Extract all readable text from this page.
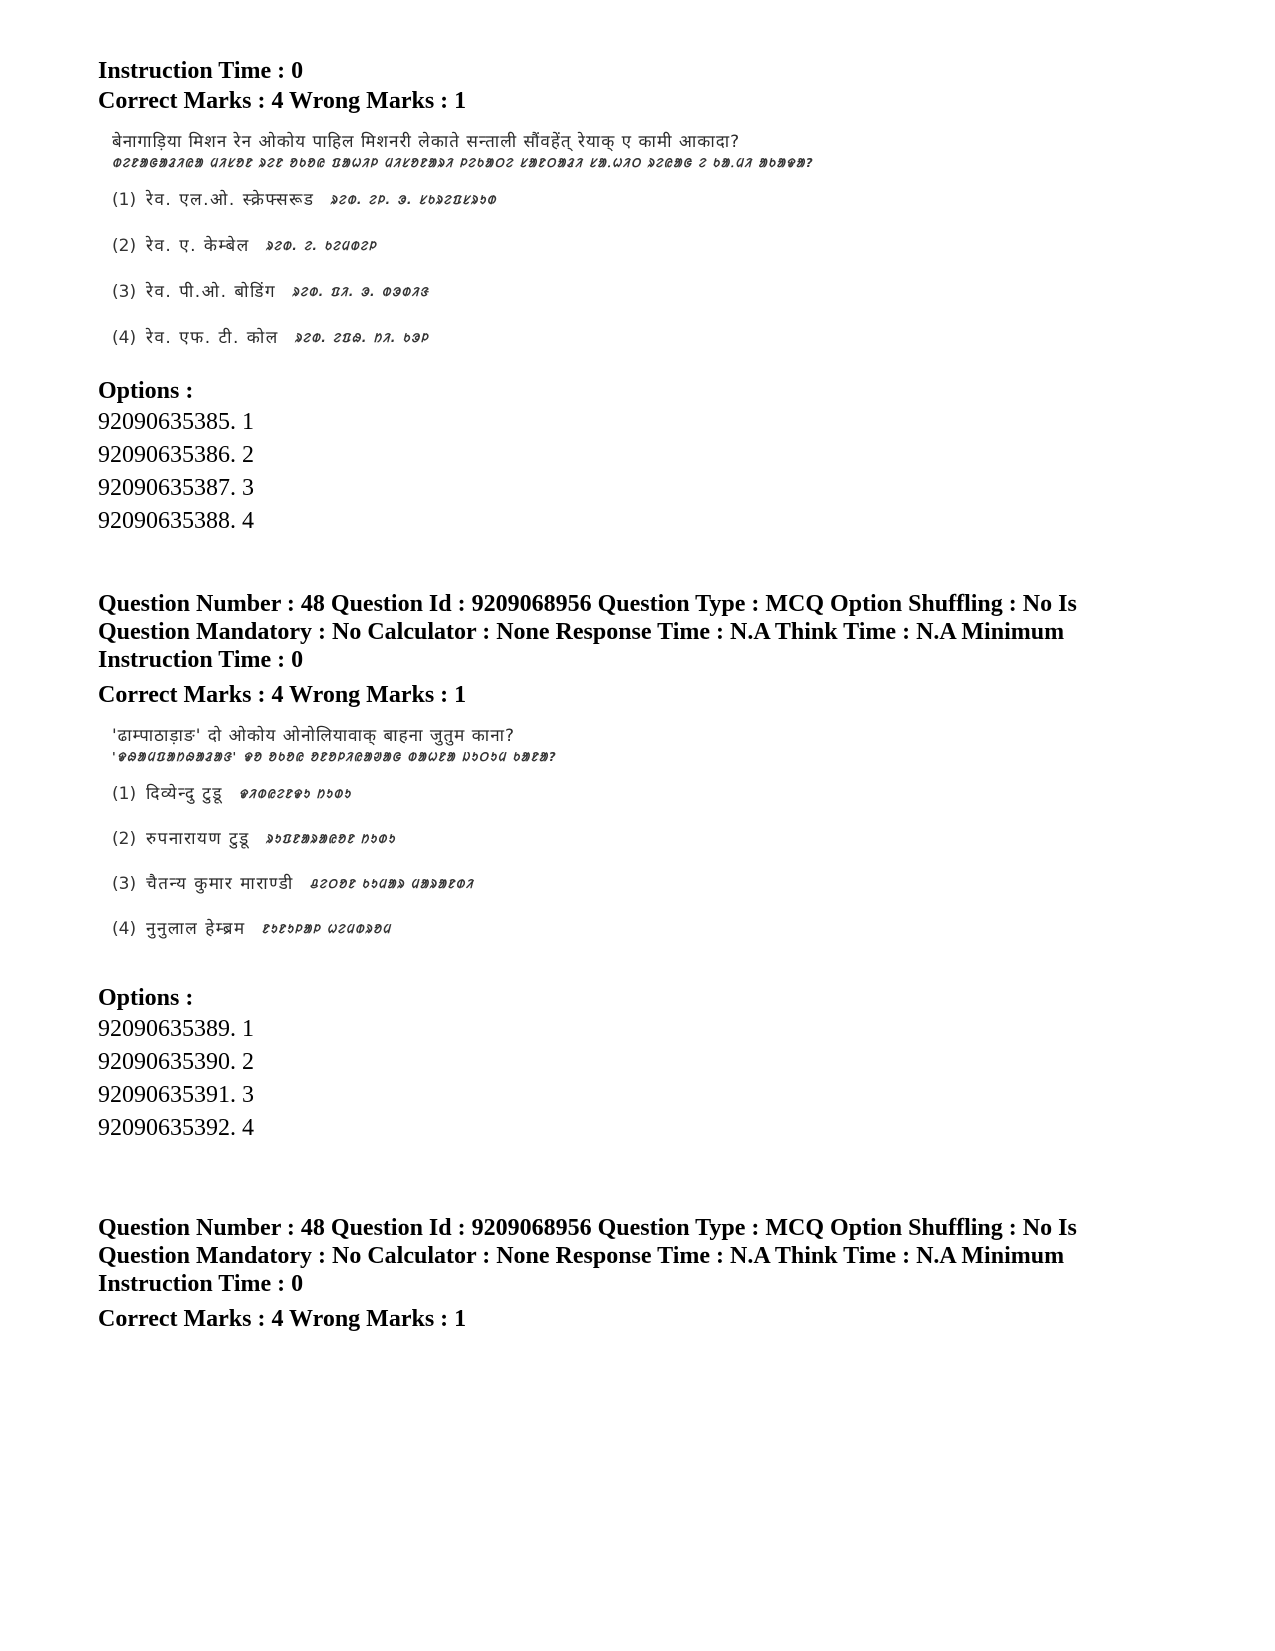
Instruction Time : 0
Correct Marks : 4 Wrong Marks : 1
बेनागाड़िया मिशन रेन ओकोय पाहिल मिशनरी लेकाते सन्ताली सौंवहेंत् रेयाक् ए कामी आकादा?
ᱵᱮᱱᱟᱜᱟᱲᱤᱭᱟ ᱢᱤᱥᱚᱱ ᱨᱮᱱ ᱚᱠᱚᱭ ᱯᱟᱦᱤᱞ ᱢᱤᱥᱚᱱᱟᱨᱤ ᱞᱮᱠᱟᱛᱮ ᱥᱟᱱᱛᱟᱲᱤ ᱥᱟᱹᱦᱤᱛ ᱨᱮᱭᱟᱜ ᱮ ᱠᱟᱹᱢᱤ ᱟᱠᱟᱫᱟ?
(1) रेव. एल.ओ. स्क्रेफ्सरूड ᱨᱮᱵ. ᱮᱞ. ᱳ. ᱥᱠᱨᱮᱯᱥᱨᱩᱰ
(2) रेव. ए. केम्बेल ᱨᱮᱵ. ᱮ. ᱠᱮᱢᱵᱮᱞ
(3) रेव. पी.ओ. बोडिंग ᱨᱮᱵ. ᱯᱤ. ᱳ. ᱵᱳᱰᱤᱝ
(4) रेव. एफ. टी. कोल ᱨᱮᱵ. ᱮᱯᱷ. ᱴᱤ. ᱠᱳᱞ
Options :
92090635385. 1
92090635386. 2
92090635387. 3
92090635388. 4
Question Number : 48 Question Id : 9209068956 Question Type : MCQ Option Shuffling : No Is Question Mandatory : No Calculator : None Response Time : N.A Think Time : N.A Minimum Instruction Time : 0
Correct Marks : 4 Wrong Marks : 1
'ढाम्पाठाड़ाङ' दो ओकोय ओनोलियावाक् बाहना जुतुम काना?
'ᱫᱷᱟᱢᱯᱟᱴᱷᱟᱲᱟᱝ' ᱫᱚ ᱚᱠᱚᱭ ᱚᱱᱚᱞᱤᱭᱟᱣᱟᱜ ᱵᱟᱦᱱᱟ ᱡᱩᱛᱩᱢ ᱠᱟᱱᱟ?
(1) दिव्येन्दु टुडू ᱫᱤᱵᱭᱮᱱᱫᱩ ᱴᱩᱰᱩ
(2) रुपनारायण टुडू ᱨᱩᱯᱱᱟᱨᱟᱭᱚᱱ ᱴᱩᱰᱩ
(3) चैतन्य कुमार माराण्डी ᱪᱮᱛᱚᱱ ᱠᱩᱢᱟᱨ ᱢᱟᱨᱟᱱᱰᱤ
(4) नुनुलाल हेम्ब्रम ᱱᱩᱱᱩᱞᱟᱞ ᱦᱮᱢᱵᱨᱚᱢ
Options :
92090635389. 1
92090635390. 2
92090635391. 3
92090635392. 4
Question Number : 48 Question Id : 9209068956 Question Type : MCQ Option Shuffling : No Is Question Mandatory : No Calculator : None Response Time : N.A Think Time : N.A Minimum Instruction Time : 0
Correct Marks : 4 Wrong Marks : 1
